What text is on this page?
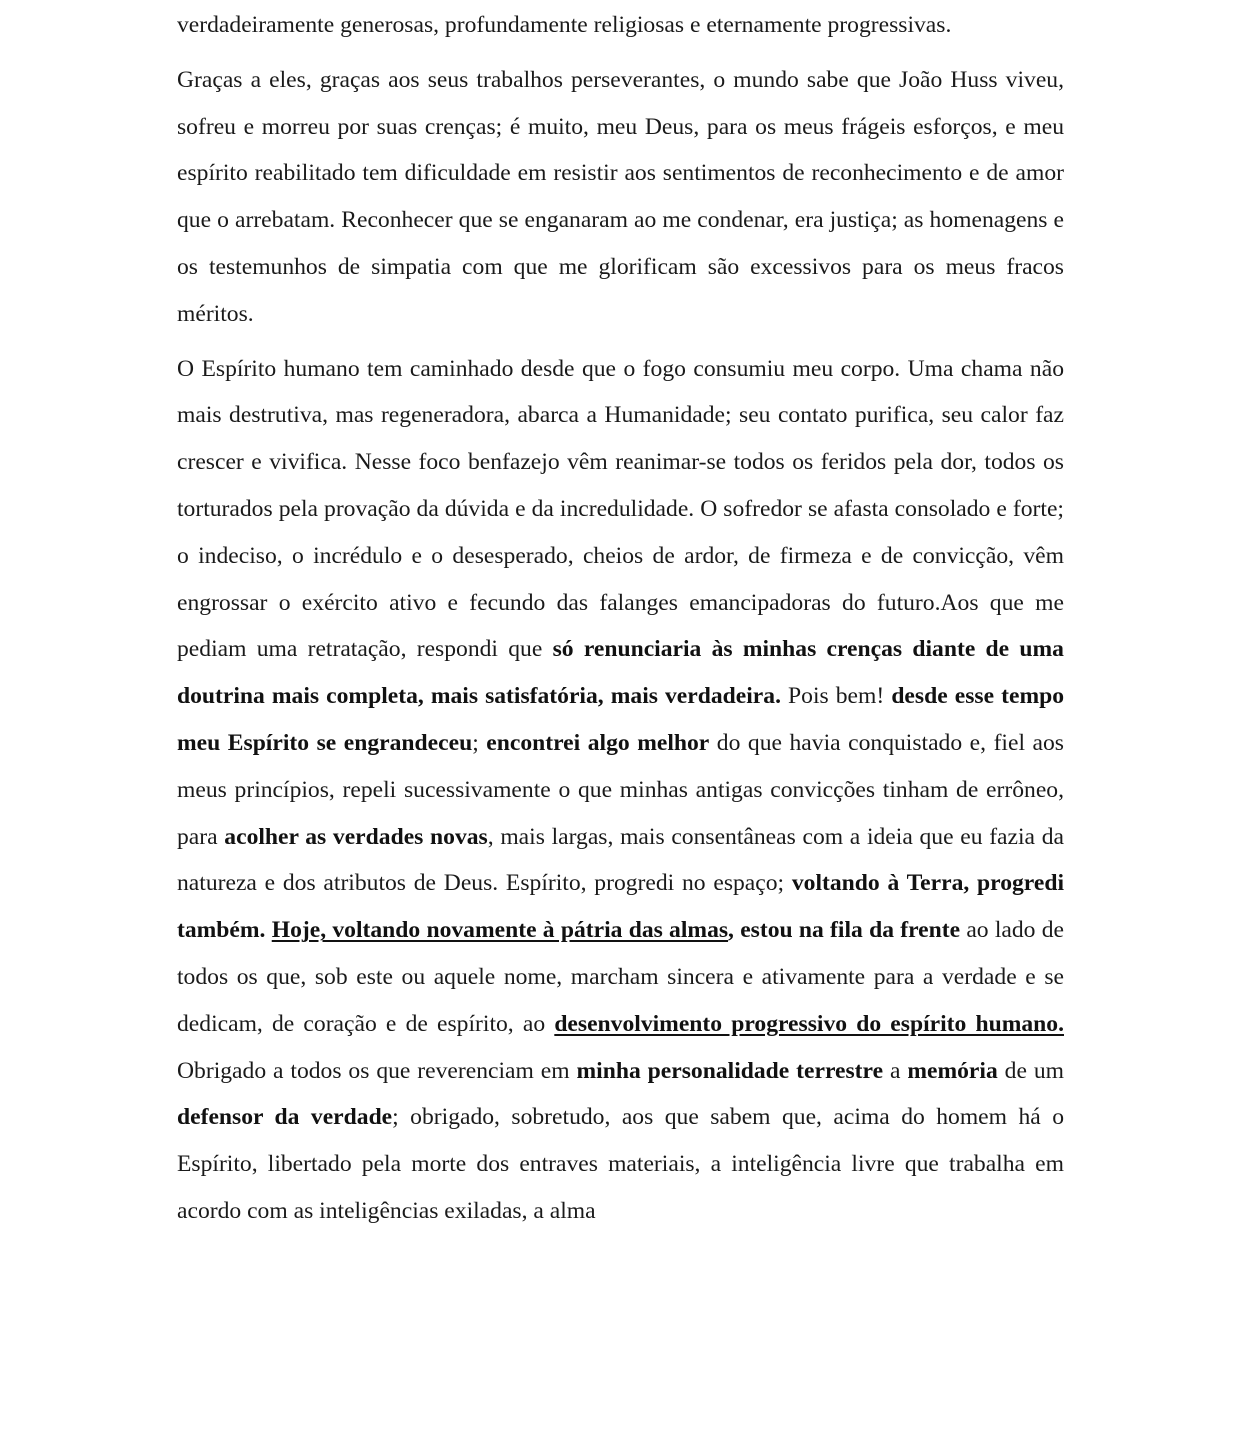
verdadeiramente generosas, profundamente religiosas e eternamente progressivas.

Graças a eles, graças aos seus trabalhos perseverantes, o mundo sabe que João Huss viveu, sofreu e morreu por suas crenças; é muito, meu Deus, para os meus frágeis esforços, e meu espírito reabilitado tem dificuldade em resistir aos sentimentos de reconhecimento e de amor que o arrebatam. Reconhecer que se enganaram ao me condenar, era justiça; as homenagens e os testemunhos de simpatia com que me glorificam são excessivos para os meus fracos méritos.

O Espírito humano tem caminhado desde que o fogo consumiu meu corpo. Uma chama não mais destrutiva, mas regeneradora, abarca a Humanidade; seu contato purifica, seu calor faz crescer e vivifica. Nesse foco benfazejo vêm reanimar-se todos os feridos pela dor, todos os torturados pela provação da dúvida e da incredulidade. O sofredor se afasta consolado e forte; o indeciso, o incrédulo e o desesperado, cheios de ardor, de firmeza e de convicção, vêm engrossar o exército ativo e fecundo das falanges emancipadoras do futuro.Aos que me pediam uma retratação, respondi que só renunciaria às minhas crenças diante de uma doutrina mais completa, mais satisfatória, mais verdadeira. Pois bem! desde esse tempo meu Espírito se engrandeceu; encontrei algo melhor do que havia conquistado e, fiel aos meus princípios, repeli sucessivamente o que minhas antigas convicções tinham de errôneo, para acolher as verdades novas, mais largas, mais consentâneas com a ideia que eu fazia da natureza e dos atributos de Deus. Espírito, progredi no espaço; voltando à Terra, progredi também. Hoje, voltando novamente à pátria das almas, estou na fila da frente ao lado de todos os que, sob este ou aquele nome, marcham sincera e ativamente para a verdade e se dedicam, de coração e de espírito, ao desenvolvimento progressivo do espírito humano. Obrigado a todos os que reverenciam em minha personalidade terrestre a memória de um defensor da verdade; obrigado, sobretudo, aos que sabem que, acima do homem há o Espírito, libertado pela morte dos entraves materiais, a inteligência livre que trabalha em acordo com as inteligências exiladas, a alma
